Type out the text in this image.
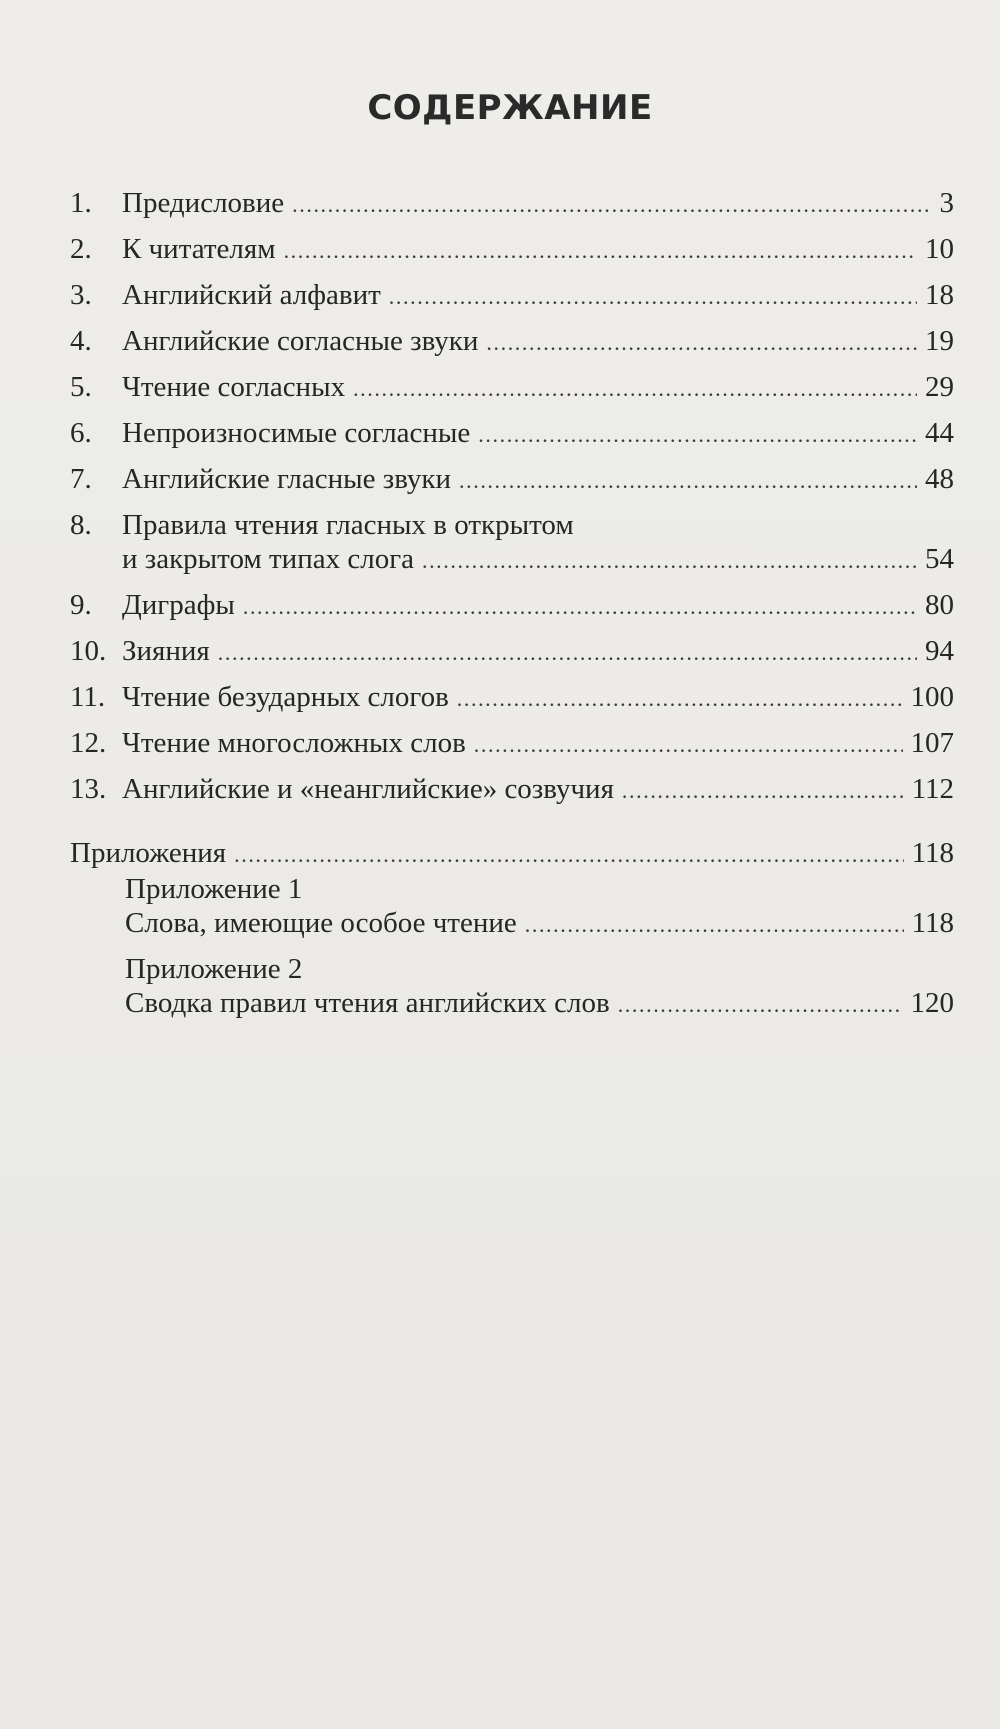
СОДЕРЖАНИЕ
1.	Предисловие .....	3
2.	К читателям .....	10
3.	Английский алфавит .....	18
4.	Английские согласные звуки .....	19
5.	Чтение согласных .....	29
6.	Непроизносимые согласные .....	44
7.	Английские гласные звуки .....	48
8.	Правила чтения гласных в открытом
и закрытом типах слога .....	54
9.	Диграфы .....	80
10. Зияния .....	94
11. Чтение безударных слогов .....	100
12. Чтение многосложных слов .....	107
13. Английские и «неанглийские» созвучия .....	112
Приложения .....	118
Приложение 1
Слова, имеющие особое чтение .....	118
Приложение 2
Сводка правил чтения английских слов .....	120
